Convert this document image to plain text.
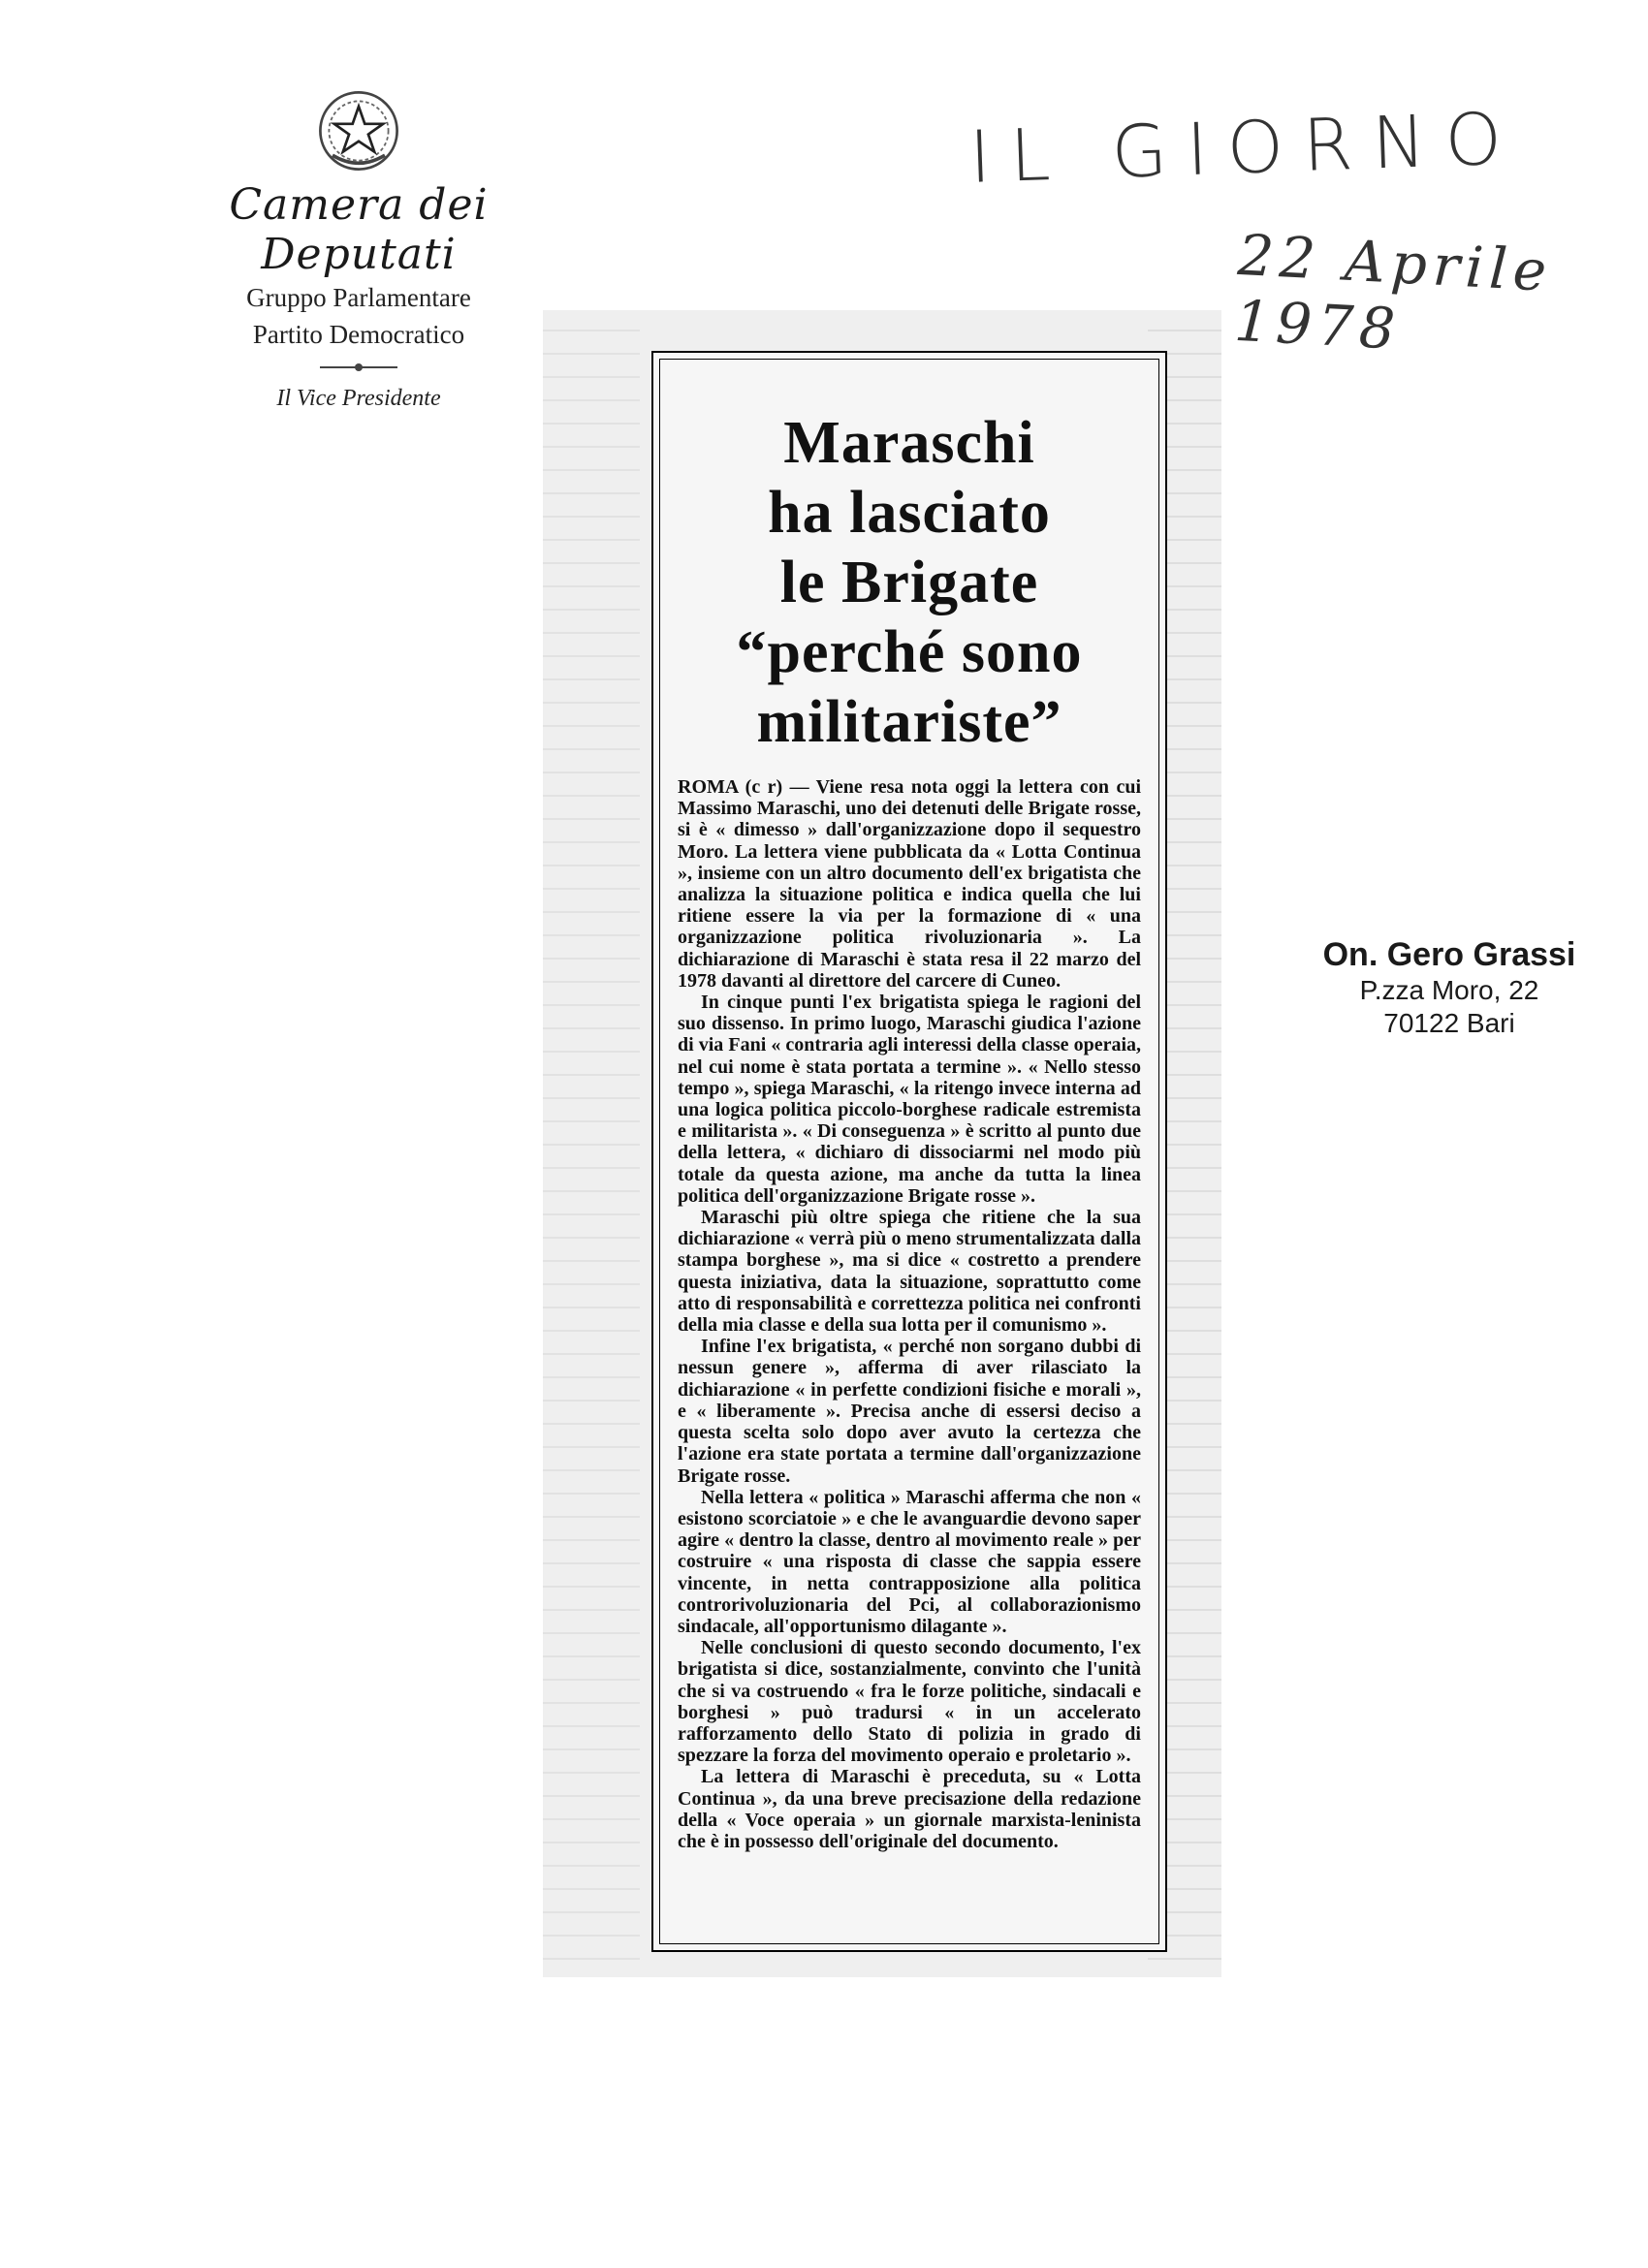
Camera dei Deputati
Gruppo Parlamentare
Partito Democratico
Il Vice Presidente
IL GIORNO
22 Aprile 1978
Maraschi
ha lasciato
le Brigate
“perché sono
militariste”

ROMA (c r) — Viene resa nota oggi la lettera con cui Massimo Maraschi, uno dei detenuti delle Brigate rosse, si è « dimesso » dall'organizzazione dopo il sequestro Moro. La lettera viene pubblicata da « Lotta Continua », insieme con un altro documento dell'ex brigatista che analizza la situazione politica e indica quella che lui ritiene essere la via per la formazione di « una organizzazione politica rivoluzionaria ». La dichiarazione di Maraschi è stata resa il 22 marzo del 1978 davanti al direttore del carcere di Cuneo.

In cinque punti l'ex brigatista spiega le ragioni del suo dissenso. In primo luogo, Maraschi giudica l'azione di via Fani « contraria agli interessi della classe operaia, nel cui nome è stata portata a termine ». « Nello stesso tempo », spiega Maraschi, « la ritengo invece interna ad una logica politica piccolo-borghese radicale estremista e militarista ». « Di conseguenza » è scritto al punto due della lettera, « dichiaro di dissociarmi nel modo più totale da questa azione, ma anche da tutta la linea politica dell'organizzazione Brigate rosse ».

Maraschi più oltre spiega che ritiene che la sua dichiarazione « verrà più o meno strumentalizzata dalla stampa borghese », ma si dice « costretto a prendere questa iniziativa, data la situazione, soprattutto come atto di responsabilità e correttezza politica nei confronti della mia classe e della sua lotta per il comunismo ».

Infine l'ex brigatista, « perché non sorgano dubbi di nessun genere », afferma di aver rilasciato la dichiarazione « in perfette condizioni fisiche e morali », e « liberamente ». Precisa anche di essersi deciso a questa scelta solo dopo aver avuto la certezza che l'azione era state portata a termine dall'organizzazione Brigate rosse.

Nella lettera « politica » Maraschi afferma che non « esistono scorciatoie » e che le avanguardie devono saper agire « dentro la classe, dentro al movimento reale » per costruire « una risposta di classe che sappia essere vincente, in netta contrapposizione alla politica controrivoluzionaria del Pci, al collaborazionismo sindacale, all'opportunismo dilagante ».

Nelle conclusioni di questo secondo documento, l'ex brigatista si dice, sostanzialmente, convinto che l'unità che si va costruendo « fra le forze politiche, sindacali e borghesi » può tradursi « in un accelerato rafforzamento dello Stato di polizia in grado di spezzare la forza del movimento operaio e proletario ».

La lettera di Maraschi è preceduta, su « Lotta Continua », da una breve precisazione della redazione della « Voce operaia » un giornale marxista-leninista che è in possesso dell'originale del documento.

On. Gero Grassi
P.zza Moro, 22
70122 Bari
